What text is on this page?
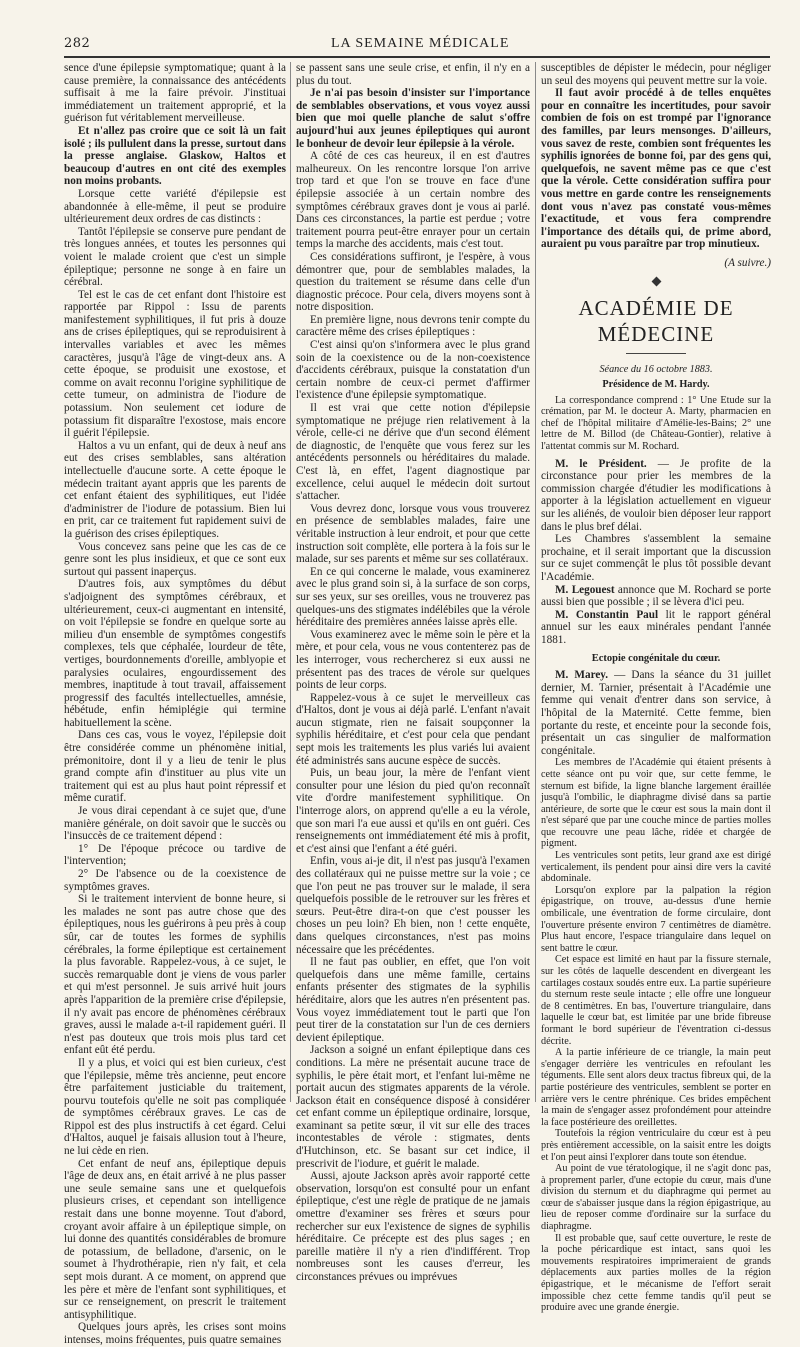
282	LA SEMAINE MÉDICALE

sence d'une épilepsie symptomatique; quant à la cause première, la connaissance des antécédents suffisait à me la faire prévoir. J'instituai immédiatement un traitement approprié, et la guérison fut véritablement merveilleuse.

Et n'allez pas croire que ce soit là un fait isolé ; ils pullulent dans la presse, surtout dans la presse anglaise. Glaskow, Haltos et beaucoup d'autres en ont cité des exemples non moins probants.

Lorsque cette variété d'épilepsie est abandonnée à elle-même, il peut se produire ultérieurement deux ordres de cas distincts :

Tantôt l'épilepsie se conserve pure pendant de très longues années, et toutes les personnes qui voient le malade croient que c'est un simple épileptique; personne ne songe à en faire un cérébral.

Tel est le cas de cet enfant dont l'histoire est rapportée par Rippol : Issu de parents manifestement syphilitiques, il fut pris à douze ans de crises épileptiques, qui se reproduisirent à intervalles variables et avec les mêmes caractères, jusqu'à l'âge de vingt-deux ans. A cette époque, se produisit une exostose, et comme on avait reconnu l'origine syphilitique de cette tumeur, on administra de l'iodure de potassium. Non seulement cet iodure de potassium fit disparaître l'exostose, mais encore il guérit l'épilepsie.

Haltos a vu un enfant, qui de deux à neuf ans eut des crises semblables, sans altération intellectuelle d'aucune sorte. A cette époque le médecin traitant ayant appris que les parents de cet enfant étaient des syphilitiques, eut l'idée d'administrer de l'iodure de potassium. Bien lui en prit, car ce traitement fut rapidement suivi de la guérison des crises épileptiques.

Vous concevez sans peine que les cas de ce genre sont les plus insidieux, et que ce sont eux surtout qui passent inaperçus.

D'autres fois, aux symptômes du début s'adjoignent des symptômes cérébraux, et ultérieurement, ceux-ci augmentant en intensité, on voit l'épilepsie se fondre en quelque sorte au milieu d'un ensemble de symptômes congestifs complexes, tels que céphalée, lourdeur de tête, vertiges, bourdonnements d'oreille, amblyopie et paralysies oculaires, engourdissement des membres, inaptitude à tout travail, affaissement progressif des facultés intellectuelles, amnésie, hébétude, enfin hémiplégie qui termine habituellement la scène.

Dans ces cas, vous le voyez, l'épilepsie doit être considérée comme un phénomène initial, prémonitoire, dont il y a lieu de tenir le plus grand compte afin d'instituer au plus vite un traitement qui est au plus haut point répressif et même curatif.

Je vous dirai cependant à ce sujet que, d'une manière générale, on doit savoir que le succès ou l'insuccès de ce traitement dépend :

1° De l'époque précoce ou tardive de l'intervention;

2° De l'absence ou de la coexistence de symptômes graves.

Si le traitement intervient de bonne heure, si les malades ne sont pas autre chose que des épileptiques, nous les guérirons à peu près à coup sûr, car de toutes les formes de syphilis cérébrales, la forme épileptique est certainement la plus favorable. Rappelez-vous, à ce sujet, le succès remarquable dont je viens de vous parler et qui m'est personnel. Je suis arrivé huit jours après l'apparition de la première crise d'épilepsie, il n'y avait pas encore de phénomènes cérébraux graves, aussi le malade a-t-il rapidement guéri. Il n'est pas douteux que trois mois plus tard cet enfant eût été perdu.

Il y a plus, et voici qui est bien curieux, c'est que l'épilepsie, même très ancienne, peut encore être parfaitement justiciable du traitement, pourvu toutefois qu'elle ne soit pas compliquée de symptômes cérébraux graves. Le cas de Rippol est des plus instructifs à cet égard. Celui d'Haltos, auquel je faisais allusion tout à l'heure, ne lui cède en rien.

Cet enfant de neuf ans, épileptique depuis l'âge de deux ans, en était arrivé à ne plus passer une seule semaine sans une et quelquefois plusieurs crises, et cependant son intelligence restait dans une bonne moyenne. Tout d'abord, croyant avoir affaire à un épileptique simple, on lui donne des quantités considérables de bromure de potassium, de belladone, d'arsenic, on le soumet à l'hydrothérapie, rien n'y fait, et cela sept mois durant. A ce moment, on apprend que les père et mère de l'enfant sont syphilitiques, et sur ce renseignement, on prescrit le traitement antisyphilitique.

Quelques jours après, les crises sont moins intenses, moins fréquentes, puis quatre semaines

se passent sans une seule crise, et enfin, il n'y en a plus du tout.

Je n'ai pas besoin d'insister sur l'importance de semblables observations, et vous voyez aussi bien que moi quelle planche de salut s'offre aujourd'hui aux jeunes épileptiques qui auront le bonheur de devoir leur épilepsie à la vérole.

A côté de ces cas heureux, il en est d'autres malheureux. On les rencontre lorsque l'on arrive trop tard et que l'on se trouve en face d'une épilepsie associée à un certain nombre des symptômes cérébraux graves dont je vous ai parlé. Dans ces circonstances, la partie est perdue ; votre traitement pourra peut-être enrayer pour un certain temps la marche des accidents, mais c'est tout.

Ces considérations suffiront, je l'espère, à vous démontrer que, pour de semblables malades, la question du traitement se résume dans celle d'un diagnostic précoce. Pour cela, divers moyens sont à notre disposition.

En première ligne, nous devrons tenir compte du caractère même des crises épileptiques :

C'est ainsi qu'on s'informera avec le plus grand soin de la coexistence ou de la non-coexistence d'accidents cérébraux, puisque la constatation d'un certain nombre de ceux-ci permet d'affirmer l'existence d'une épilepsie symptomatique.

Il est vrai que cette notion d'épilepsie symptomatique ne préjuge rien relativement à la vérole, celle-ci ne dérive que d'un second élément de diagnostic, de l'enquête que vous ferez sur les antécédents personnels ou héréditaires du malade. C'est là, en effet, l'agent diagnostique par excellence, celui auquel le médecin doit surtout s'attacher.

Vous devrez donc, lorsque vous vous trouverez en présence de semblables malades, faire une véritable instruction à leur endroit, et pour que cette instruction soit complète, elle portera à la fois sur le malade, sur ses parents et même sur ses collatéraux.

En ce qui concerne le malade, vous examinerez avec le plus grand soin si, à la surface de son corps, sur ses yeux, sur ses oreilles, vous ne trouverez pas quelques-uns des stigmates indélébiles que la vérole héréditaire des premières années laisse après elle.

Vous examinerez avec le même soin le père et la mère, et pour cela, vous ne vous contenterez pas de les interroger, vous rechercherez si eux aussi ne présentent pas des traces de vérole sur quelques points de leur corps.

Rappelez-vous à ce sujet le merveilleux cas d'Haltos, dont je vous ai déjà parlé. L'enfant n'avait aucun stigmate, rien ne faisait soupçonner la syphilis héréditaire, et c'est pour cela que pendant sept mois les traitements les plus variés lui avaient été administrés sans aucune espèce de succès.

Puis, un beau jour, la mère de l'enfant vient consulter pour une lésion du pied qu'on reconnaît vite d'ordre manifestement syphilitique. On l'interroge alors, on apprend qu'elle a eu la vérole, que son mari l'a eue aussi et qu'ils en ont guéri. Ces renseignements ont immédiatement été mis à profit, et c'est ainsi que l'enfant a été guéri.

Enfin, vous ai-je dit, il n'est pas jusqu'à l'examen des collatéraux qui ne puisse mettre sur la voie ; ce que l'on peut ne pas trouver sur le malade, il sera quelquefois possible de le retrouver sur les frères et sœurs. Peut-être dira-t-on que c'est pousser les choses un peu loin? Eh bien, non ! cette enquête, dans quelques circonstances, n'est pas moins nécessaire que les précédentes.

Il ne faut pas oublier, en effet, que l'on voit quelquefois dans une même famille, certains enfants présenter des stigmates de la syphilis héréditaire, alors que les autres n'en présentent pas. Vous voyez immédiatement tout le parti que l'on peut tirer de la constatation sur l'un de ces derniers devient épileptique.

Jackson a soigné un enfant épileptique dans ces conditions. La mère ne présentait aucune trace de syphilis, le père était mort, et l'enfant lui-même ne portait aucun des stigmates apparents de la vérole. Jackson était en conséquence disposé à considérer cet enfant comme un épileptique ordinaire, lorsque, examinant sa petite sœur, il vit sur elle des traces incontestables de vérole : stigmates, dents d'Hutchinson, etc. Se basant sur cet indice, il prescrivit de l'iodure, et guérit le malade.

Aussi, ajoute Jackson après avoir rapporté cette observation, lorsqu'on est consulté pour un enfant épileptique, c'est une règle de pratique de ne jamais omettre d'examiner ses frères et sœurs pour rechercher sur eux l'existence de signes de syphilis héréditaire. Ce précepte est des plus sages ; en pareille matière il n'y a rien d'indifférent. Trop nombreuses sont les causes d'erreur, les circonstances prévues ou imprévues

susceptibles de dépister le médecin, pour négliger un seul des moyens qui peuvent mettre sur la voie.

Il faut avoir procédé à de telles enquêtes pour en connaître les incertitudes, pour savoir combien de fois on est trompé par l'ignorance des familles, par leurs mensonges. D'ailleurs, vous savez de reste, combien sont fréquentes les syphilis ignorées de bonne foi, par des gens qui, quelquefois, ne savent même pas ce que c'est que la vérole. Cette considération suffira pour vous mettre en garde contre les renseignements dont vous n'avez pas constaté vous-mêmes l'exactitude, et vous fera comprendre l'importance des détails qui, de prime abord, auraient pu vous paraître par trop minutieux.

(A suivre.)

ACADÉMIE DE MÉDECINE

Séance du 16 octobre 1883.

Présidence de M. Hardy.

La correspondance comprend : 1° Une Etude sur la crémation, par M. le docteur A. Marty, pharmacien en chef de l'hôpital militaire d'Amélie-les-Bains; 2° une lettre de M. Billod (de Château-Gontier), relative à l'attentat commis sur M. Rochard.

M. le Président. — Je profite de la circonstance pour prier les membres de la commission chargée d'étudier les modifications à apporter à la législation actuellement en vigueur sur les aliénés, de vouloir bien déposer leur rapport dans le plus bref délai.

Les Chambres s'assemblent la semaine prochaine, et il serait important que la discussion sur ce sujet commençât le plus tôt possible devant l'Académie.

M. Legouest annonce que M. Rochard se porte aussi bien que possible ; il se lèvera d'ici peu.

M. Constantin Paul lit le rapport général annuel sur les eaux minérales pendant l'année 1881.

Ectopie congénitale du cœur.

M. Marey. — Dans la séance du 31 juillet dernier, M. Tarnier, présentait à l'Académie une femme qui venait d'entrer dans son service, à l'hôpital de la Maternité. Cette femme, bien portante du reste, et enceinte pour la seconde fois, présentait un cas singulier de malformation congénitale.

Les membres de l'Académie qui étaient présents à cette séance ont pu voir que, sur cette femme, le sternum est bifide, la ligne blanche largement éraillée jusqu'à l'ombilic, le diaphragme divisé dans sa partie antérieure, de sorte que le cœur est sous la main dont il n'est séparé que par une couche mince de parties molles que recouvre une peau lâche, ridée et chargée de pigment.

Les ventricules sont petits, leur grand axe est dirigé verticalement, ils pendent pour ainsi dire vers la cavité abdominale.

Lorsqu'on explore par la palpation la région épigastrique, on trouve, au-dessus d'une hernie ombilicale, une éventration de forme circulaire, dont l'ouverture présente environ 7 centimètres de diamètre. Plus haut encore, l'espace triangulaire dans lequel on sent battre le cœur.

Cet espace est limité en haut par la fissure sternale, sur les côtés de laquelle descendent en divergeant les cartilages costaux soudés entre eux. La partie supérieure du sternum reste seule intacte ; elle offre une longueur de 8 centimètres. En bas, l'ouverture triangulaire, dans laquelle le cœur bat, est limitée par une bride fibreuse formant le bord supérieur de l'éventration ci-dessus décrite.

A la partie inférieure de ce triangle, la main peut s'engager derrière les ventricules en refoulant les téguments. Elle sent alors deux tractus fibreux qui, de la partie postérieure des ventricules, semblent se porter en arrière vers le centre phrénique. Ces brides empêchent la main de s'engager assez profondément pour atteindre la face postérieure des oreillettes.

Toutefois la région ventriculaire du cœur est à peu près entièrement accessible, on la saisit entre les doigts et l'on peut ainsi l'explorer dans toute son étendue.

Au point de vue tératologique, il ne s'agit donc pas, à proprement parler, d'une ectopie du cœur, mais d'une division du sternum et du diaphragme qui permet au cœur de s'abaisser jusque dans la région épigastrique, au lieu de reposer comme d'ordinaire sur la surface du diaphragme.

Il est probable que, sauf cette ouverture, le reste de la poche péricardique est intact, sans quoi les mouvements respiratoires imprimeraient de grands déplacements aux parties molles de la région épigastrique, et le mécanisme de l'effort serait impossible chez cette femme tandis qu'il peut se produire avec une grande énergie.
